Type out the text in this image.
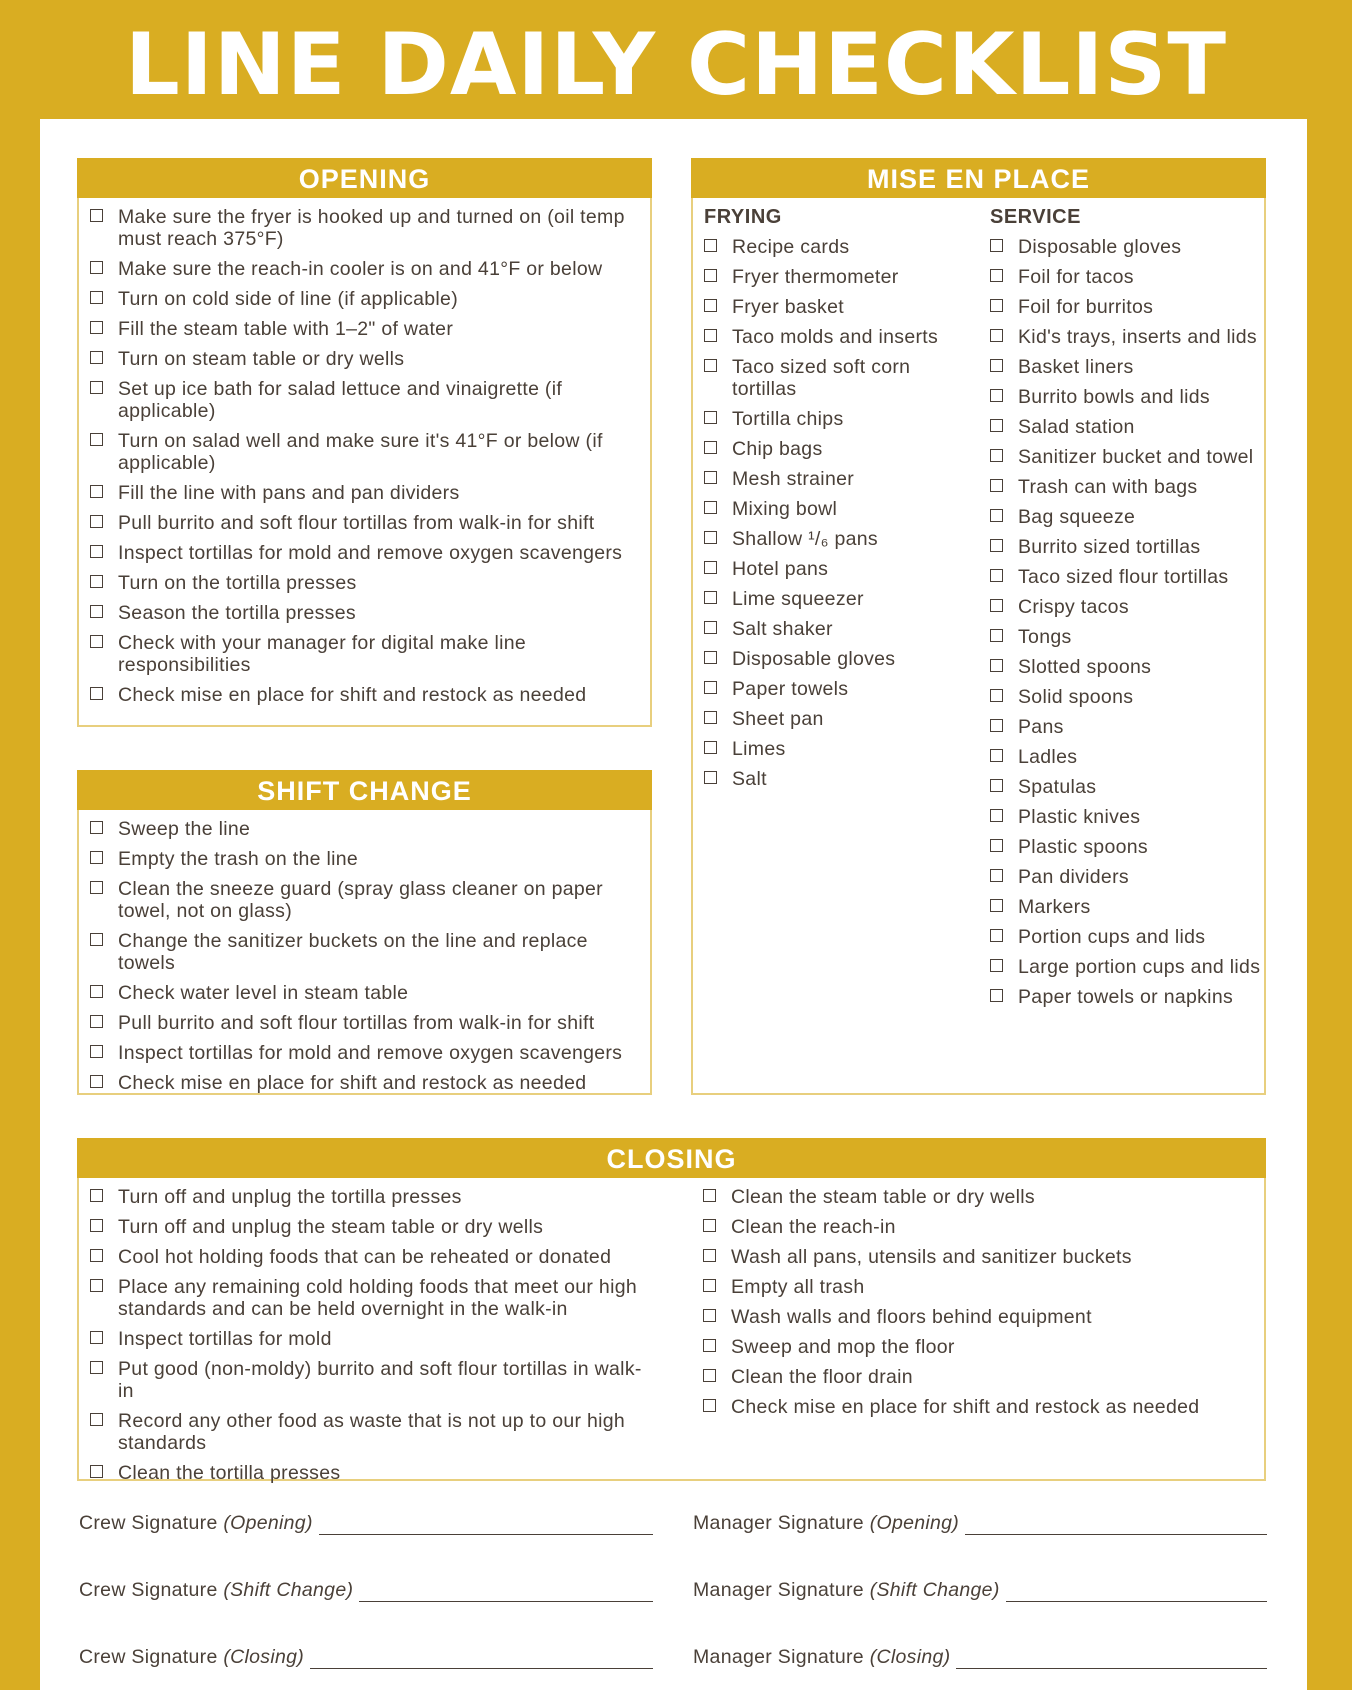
LINE DAILY CHECKLIST
OPENING
Make sure the fryer is hooked up and turned on (oil temp must reach 375°F)
Make sure the reach-in cooler is on and 41°F or below
Turn on cold side of line (if applicable)
Fill the steam table with 1–2" of water
Turn on steam table or dry wells
Set up ice bath for salad lettuce and vinaigrette (if applicable)
Turn on salad well and make sure it's 41°F or below (if applicable)
Fill the line with pans and pan dividers
Pull burrito and soft flour tortillas from walk-in for shift
Inspect tortillas for mold and remove oxygen scavengers
Turn on the tortilla presses
Season the tortilla presses
Check with your manager for digital make line responsibilities
Check mise en place for shift and restock as needed
SHIFT CHANGE
Sweep the line
Empty the trash on the line
Clean the sneeze guard (spray glass cleaner on paper towel, not on glass)
Change the sanitizer buckets on the line and replace towels
Check water level in steam table
Pull burrito and soft flour tortillas from walk-in for shift
Inspect tortillas for mold and remove oxygen scavengers
Check mise en place for shift and restock as needed
MISE EN PLACE
FRYING
Recipe cards
Fryer thermometer
Fryer basket
Taco molds and inserts
Taco sized soft corn tortillas
Tortilla chips
Chip bags
Mesh strainer
Mixing bowl
Shallow ¹/₆ pans
Hotel pans
Lime squeezer
Salt shaker
Disposable gloves
Paper towels
Sheet pan
Limes
Salt
SERVICE
Disposable gloves
Foil for tacos
Foil for burritos
Kid's trays, inserts and lids
Basket liners
Burrito bowls and lids
Salad station
Sanitizer bucket and towel
Trash can with bags
Bag squeeze
Burrito sized tortillas
Taco sized flour tortillas
Crispy tacos
Tongs
Slotted spoons
Solid spoons
Pans
Ladles
Spatulas
Plastic knives
Plastic spoons
Pan dividers
Markers
Portion cups and lids
Large portion cups and lids
Paper towels or napkins
CLOSING
Turn off and unplug the tortilla presses
Turn off and unplug the steam table or dry wells
Cool hot holding foods that can be reheated or donated
Place any remaining cold holding foods that meet our high standards and can be held overnight in the walk-in
Inspect tortillas for mold
Put good (non-moldy) burrito and soft flour tortillas in walk-in
Record any other food as waste that is not up to our high standards
Clean the tortilla presses
Clean the steam table or dry wells
Clean the reach-in
Wash all pans, utensils and sanitizer buckets
Empty all trash
Wash walls and floors behind equipment
Sweep and mop the floor
Clean the floor drain
Check mise en place for shift and restock as needed
Crew Signature (Opening)	Manager Signature (Opening)
Crew Signature (Shift Change)	Manager Signature (Shift Change)
Crew Signature (Closing)	Manager Signature (Closing)
